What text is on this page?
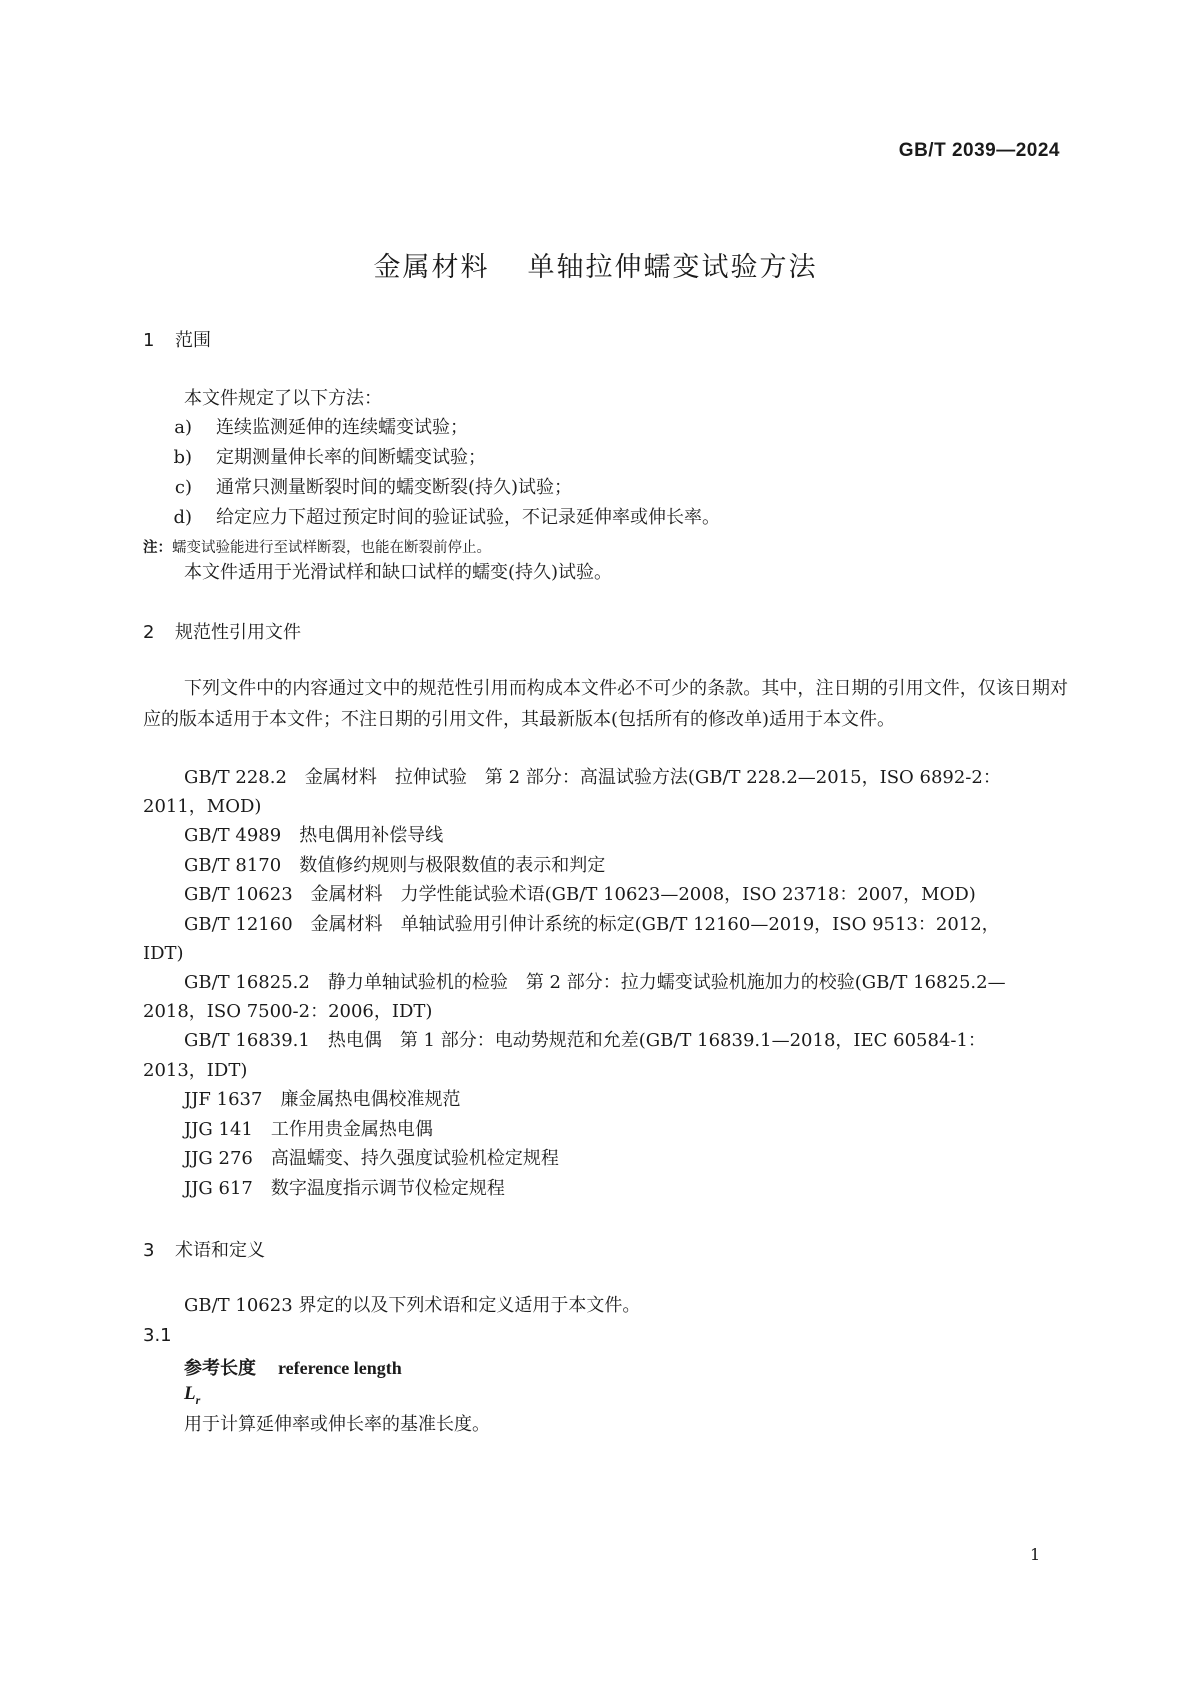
GB/T 2039—2024
金属材料 单轴拉伸蠕变试验方法
1 范围
本文件规定了以下方法：
a) 连续监测延伸的连续蠕变试验；
b) 定期测量伸长率的间断蠕变试验；
c) 通常只测量断裂时间的蠕变断裂(持久)试验；
d) 给定应力下超过预定时间的验证试验，不记录延伸率或伸长率。
注：蠕变试验能进行至试样断裂，也能在断裂前停止。
本文件适用于光滑试样和缺口试样的蠕变(持久)试验。
2 规范性引用文件
下列文件中的内容通过文中的规范性引用而构成本文件必不可少的条款。其中，注日期的引用文件，仅该日期对应的版本适用于本文件；不注日期的引用文件，其最新版本(包括所有的修改单)适用于本文件。
GB/T 228.2　金属材料　拉伸试验　第 2 部分：高温试验方法(GB/T 228.2—2015，ISO 6892-2：
2011，MOD)
GB/T 4989　热电偶用补偿导线
GB/T 8170　数值修约规则与极限数值的表示和判定
GB/T 10623　金属材料　力学性能试验术语(GB/T 10623—2008，ISO 23718：2007，MOD)
GB/T 12160　金属材料　单轴试验用引伸计系统的标定(GB/T 12160—2019，ISO 9513：2012，
IDT)
GB/T 16825.2　静力单轴试验机的检验　第 2 部分：拉力蠕变试验机施加力的校验(GB/T 16825.2—
2018，ISO 7500-2：2006，IDT)
GB/T 16839.1　热电偶　第 1 部分：电动势规范和允差(GB/T 16839.1—2018，IEC 60584-1：
2013，IDT)
JJF 1637　廉金属热电偶校准规范
JJG 141　工作用贵金属热电偶
JJG 276　高温蠕变、持久强度试验机检定规程
JJG 617　数字温度指示调节仪检定规程
3 术语和定义
GB/T 10623 界定的以及下列术语和定义适用于本文件。
3.1
参考长度 reference length
$L_r$
用于计算延伸率或伸长率的基准长度。
1
